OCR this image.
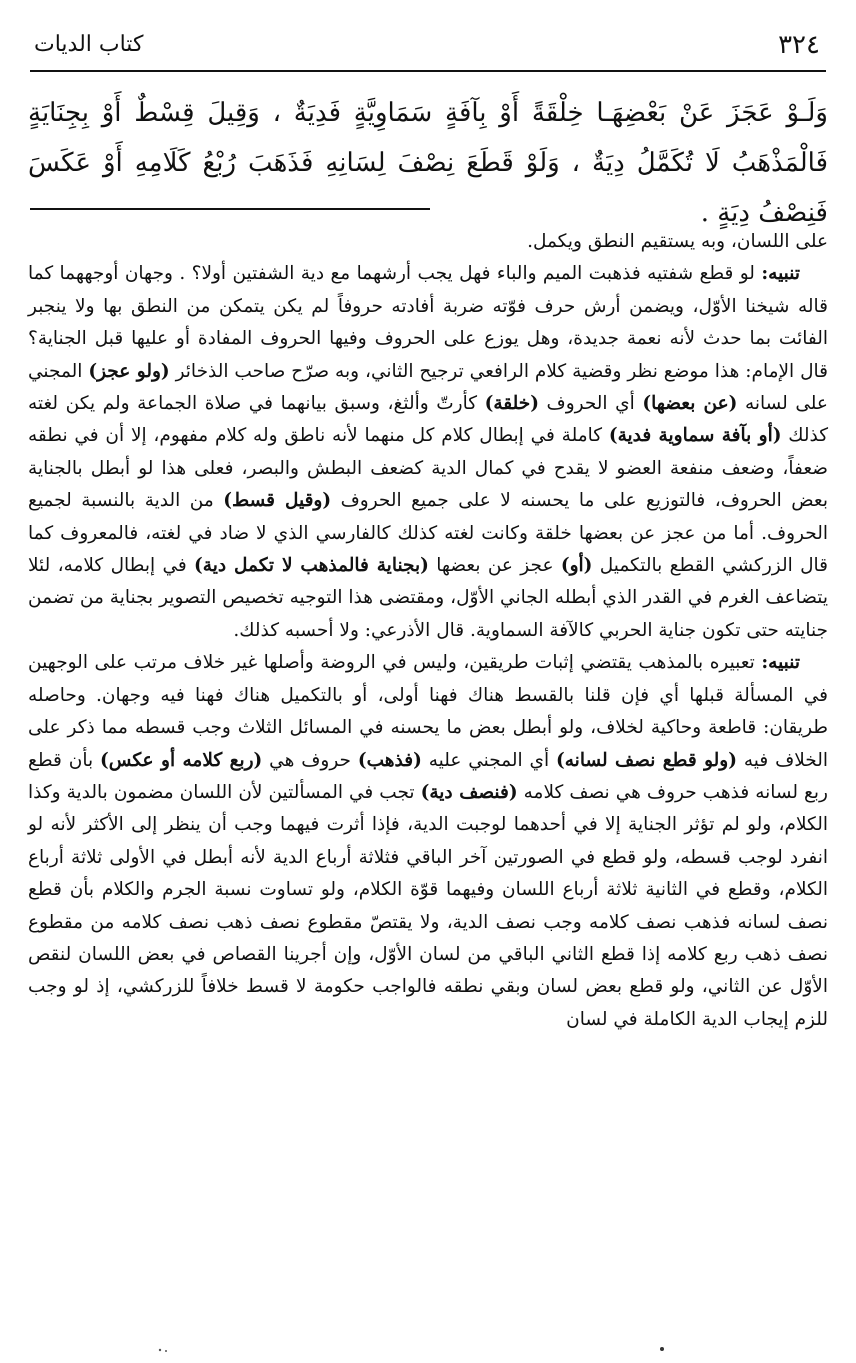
٣٢٤
كتاب الديات

وَلَـوْ عَجَزَ عَنْ بَعْضِهَـا خِلْقَةً أَوْ بِآفَةٍ سَمَاوِيَّةٍ فَدِيَةٌ ، وَقِيلَ قِسْطٌ أَوْ بِجِنَايَةٍ فَالْمَذْهَبُ لَا تُكَمَّلُ دِيَةٌ ، وَلَوْ قَطَعَ نِصْفَ لِسَانِهِ فَذَهَبَ رُبْعُ كَلَامِهِ أَوْ عَكَسَ فَنِصْفُ دِيَةٍ .

على اللسان، وبه يستقيم النطق ويكمل.

تنبيه: لو قطع شفتيه فذهبت الميم والباء فهل يجب أرشهما مع دية الشفتين أولا؟ . وجهان أوجههما كما قاله شيخنا الأوّل، ويضمن أرش حرف فوّته ضربة أفادته حروفاً لم يكن يتمكن من النطق بها ولا ينجبر الفائت بما حدث لأنه نعمة جديدة، وهل يوزع على الحروف وفيها الحروف المفادة أو عليها قبل الجناية؟ قال الإمام: هذا موضع نظر وقضية كلام الرافعي ترجيح الثاني، وبه صرّح صاحب الذخائر (ولو عجز) المجني على لسانه (عن بعضها) أي الحروف (خلقة) كأرتّ وألثغ، وسبق بيانهما في صلاة الجماعة ولم يكن لغته كذلك (أو بآفة سماوية فدية) كاملة في إبطال كلام كل منهما لأنه ناطق وله كلام مفهوم، إلا أن في نطقه ضعفاً، وضعف منفعة العضو لا يقدح في كمال الدية كضعف البطش والبصر، فعلى هذا لو أبطل بالجناية بعض الحروف، فالتوزيع على ما يحسنه لا على جميع الحروف (وقيل قسط) من الدية بالنسبة لجميع الحروف. أما من عجز عن بعضها خلقة وكانت لغته كذلك كالفارسي الذي لا ضاد في لغته، فالمعروف كما قال الزركشي القطع بالتكميل (أو) عجز عن بعضها (بجناية فالمذهب لا تكمل دية) في إبطال كلامه، لئلا يتضاعف الغرم في القدر الذي أبطله الجاني الأوّل، ومقتضى هذا التوجيه تخصيص التصوير بجناية من تضمن جنايته حتى تكون جناية الحربي كالآفة السماوية. قال الأذرعي: ولا أحسبه كذلك.

تنبيه: تعبيره بالمذهب يقتضي إثبات طريقين، وليس في الروضة وأصلها غير خلاف مرتب على الوجهين في المسألة قبلها أي فإن قلنا بالقسط هناك فهنا أولى، أو بالتكميل هناك فهنا فيه وجهان. وحاصله طريقان: قاطعة وحاكية لخلاف، ولو أبطل بعض ما يحسنه في المسائل الثلاث وجب قسطه مما ذكر على الخلاف فيه (ولو قطع نصف لسانه) أي المجني عليه (فذهب) حروف هي (ربع كلامه أو عكس) بأن قطع ربع لسانه فذهب حروف هي نصف كلامه (فنصف دية) تجب في المسألتين لأن اللسان مضمون بالدية وكذا الكلام، ولو لم تؤثر الجناية إلا في أحدهما لوجبت الدية، فإذا أثرت فيهما وجب أن ينظر إلى الأكثر لأنه لو انفرد لوجب قسطه، ولو قطع في الصورتين آخر الباقي فثلاثة أرباع الدية لأنه أبطل في الأولى ثلاثة أرباع الكلام، وقطع في الثانية ثلاثة أرباع اللسان وفيهما قوّة الكلام، ولو تساوت نسبة الجرم والكلام بأن قطع نصف لسانه فذهب نصف كلامه وجب نصف الدية، ولا يقتصّ مقطوع نصف ذهب نصف كلامه من مقطوع نصف ذهب ربع كلامه إذا قطع الثاني الباقي من لسان الأوّل، وإن أجرينا القصاص في بعض اللسان لنقص الأوّل عن الثاني، ولو قطع بعض لسان وبقي نطقه فالواجب حكومة لا قسط خلافاً للزركشي، إذ لو وجب للزم إيجاب الدية الكاملة في لسان
